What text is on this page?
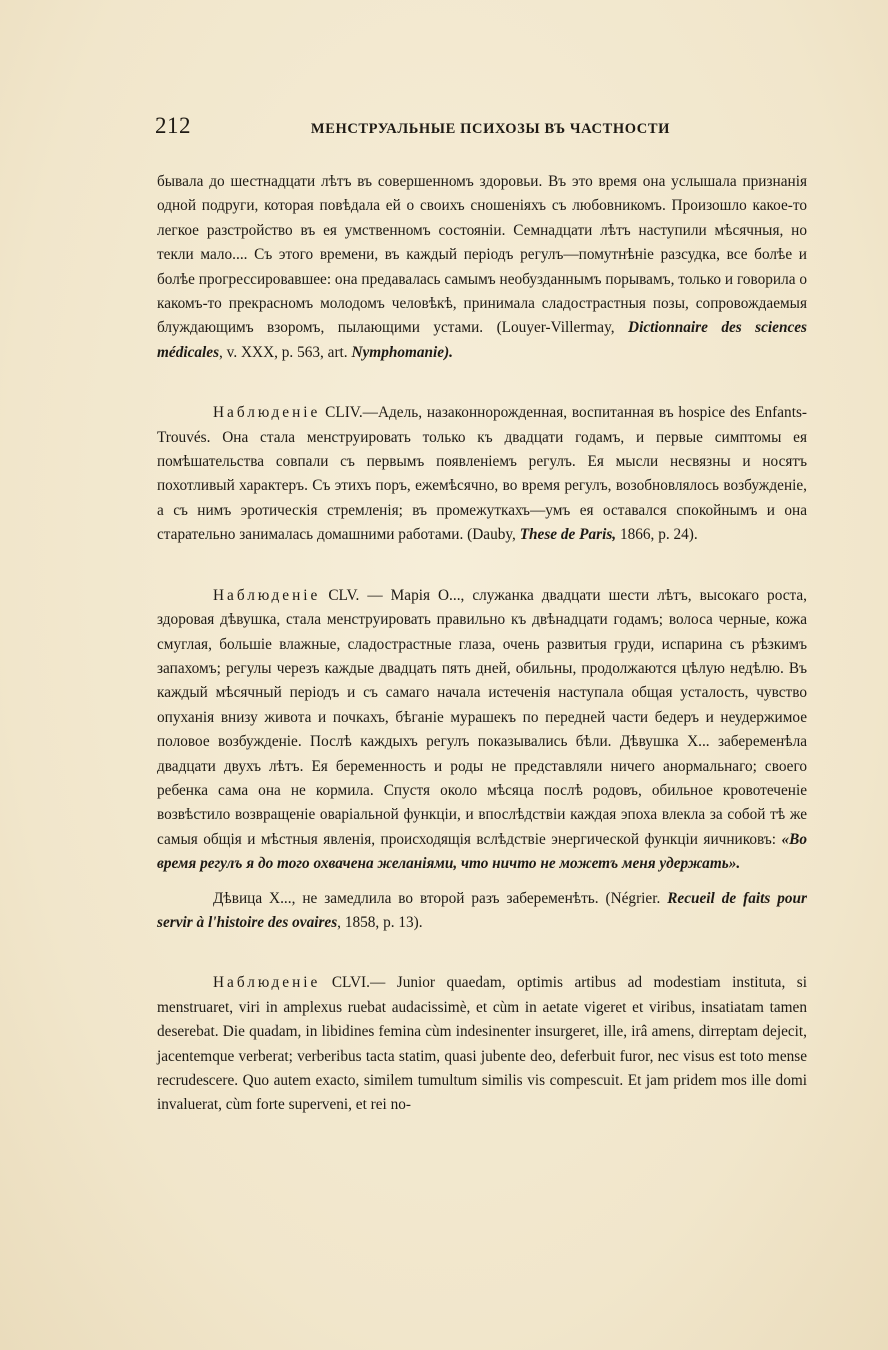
212	МЕНСТРУАЛЬНЫЕ ПСИХОЗЫ ВЪ ЧАСТНОСТИ

бывала до шестнадцати лѣтъ въ совершенномъ здоровьи. Въ это время она услышала признанія одной подруги, которая повѣдала ей о своихъ сношеніяхъ съ любовникомъ. Произошло какое-то легкое разстройство въ ея умственномъ состояніи. Семнадцати лѣтъ наступили мѣсячныя, но текли мало.... Съ этого времени, въ каждый періодъ регулъ—помутнѣніе разсудка, все болѣе и болѣе прогрессировавшее: она предавалась самымъ необузданнымъ порывамъ, только и говорила о какомъ-то прекрасномъ молодомъ человѣкѣ, принимала сладострастныя позы, сопровождаемыя блуждающимъ взоромъ, пылающими устами. (Louyer-Villermay, Dictionnaire des sciences médicales, v. XXX, p. 563, art. Nymphomanie).

Наблюденіе CLIV.—Адель, назаконнорожденная, воспитанная въ hospice des Enfants-Trouvés. Она стала менструировать только къ двадцати годамъ, и первые симптомы ея помѣшательства совпали съ первымъ появленіемъ регулъ. Ея мысли несвязны и носятъ похотливый характеръ. Съ этихъ поръ, ежемѣсячно, во время регулъ, возобновлялось возбужденіе, а съ нимъ эротическія стремленія; въ промежуткахъ—умъ ея оставался спокойнымъ и она старательно занималась домашними работами. (Dauby, These de Paris, 1866, p. 24).

Наблюденіе CLV. — Марія О..., служанка двадцати шести лѣтъ, высокаго роста, здоровая дѣвушка, стала менструировать правильно къ двѣнадцати годамъ; волоса черные, кожа смуглая, большіе влажные, сладострастные глаза, очень развитыя груди, испарина съ рѣзкимъ запахомъ; регулы черезъ каждые двадцать пять дней, обильны, продолжаются цѣлую недѣлю. Въ каждый мѣсячный періодъ и съ самаго начала истеченія наступала общая усталость, чувство опуханія внизу живота и почкахъ, бѣганіе мурашекъ по передней части бедеръ и неудержимое половое возбужденіе. Послѣ каждыхъ регулъ показывались бѣли. Дѣвушка X... забеременѣла двадцати двухъ лѣтъ. Ея беременность и роды не представляли ничего анормальнаго; своего ребенка сама она не кормила. Спустя около мѣсяца послѣ родовъ, обильное кровотеченіе возвѣстило возвращеніе оваріальной функціи, и впослѣдствіи каждая эпоха влекла за собой тѣ же самыя общія и мѣстныя явленія, происходящія вслѣдствіе энергической функціи яичниковъ: «Во время регулъ я до того охвачена желаніями, что ничто не можетъ меня удержать».

Дѣвица X..., не замедлила во второй разъ забеременѣть. (Négrier. Recueil de faits pour servir à l'histoire des ovaires, 1858, p. 13).

Наблюденіе CLVI.— Junior quaedam, optimis artibus ad modestiam instituta, si menstruaret, viri in amplexus ruebat audacissimè, et cùm in aetate vigeret et viribus, insatiatam tamen deserebat. Die quadam, in libidines femina cùm indesinenter insurgeret, ille, irâ amens, dirreptam dejecit, jacentemque verberat; verberibus tacta statim, quasi jubente deo, deferbuit furor, nec visus est toto mense recrudescere. Quo autem exacto, similem tumultum similis vis compescuit. Et jam pridem mos ille domi invaluerat, cùm forte superveni, et rei no-
